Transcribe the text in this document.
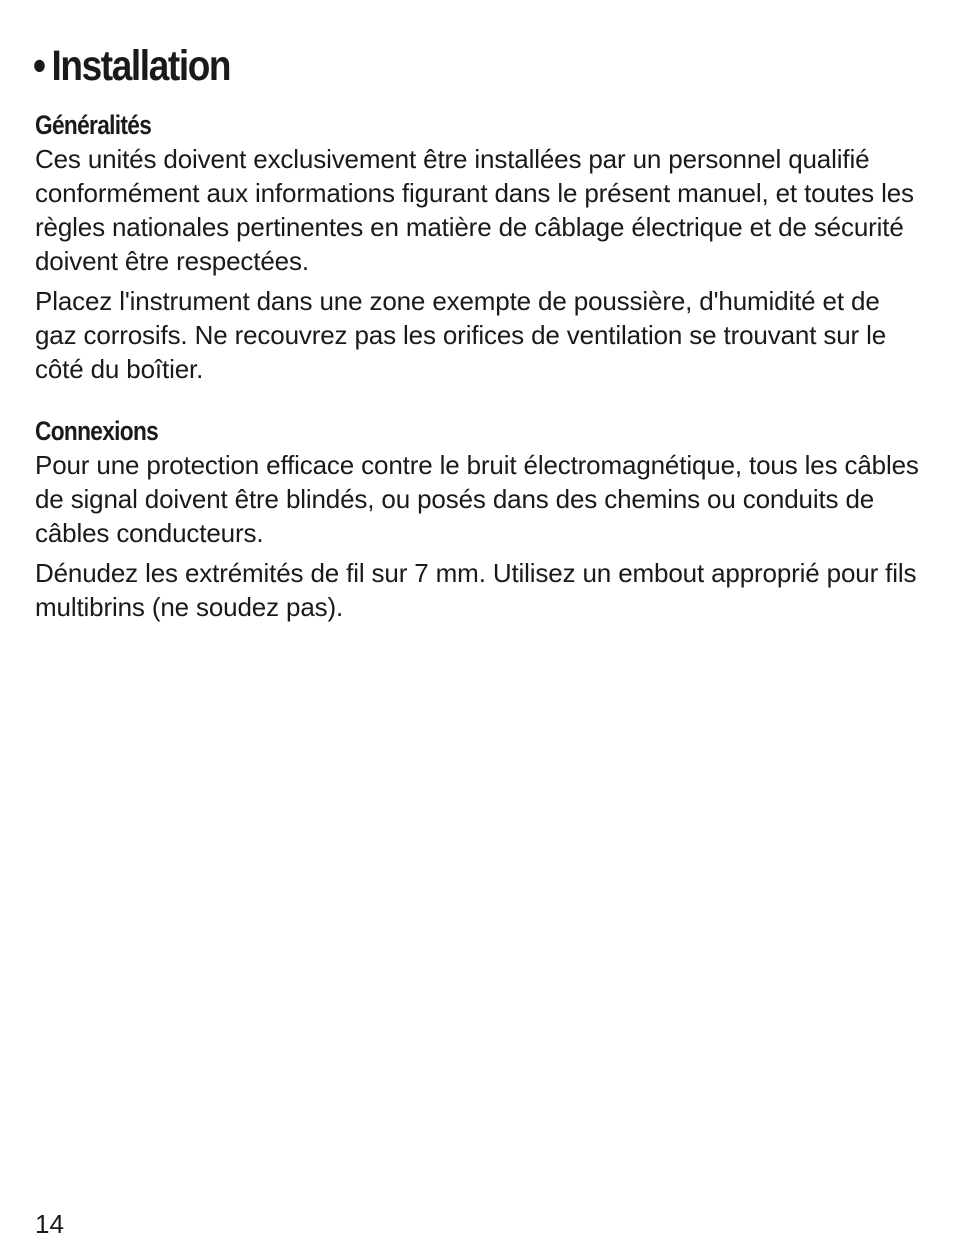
• Installation
Généralités

Ces unités doivent exclusivement être installées par un personnel qualifié conformément aux informations figurant dans le présent manuel, et toutes les règles nationales pertinentes en matière de câblage électrique et de sécurité doivent être respectées.

Placez l'instrument dans une zone exempte de poussière, d'humidité et de gaz corrosifs. Ne recouvrez pas les orifices de ventilation se trouvant sur le côté du boîtier.

Connexions

Pour une protection efficace contre le bruit électromagnétique, tous les câbles de signal doivent être blindés, ou posés dans des chemins ou conduits de câbles conducteurs.

Dénudez les extrémités de fil sur 7 mm. Utilisez un embout approprié pour fils multibrins (ne soudez pas).

14
